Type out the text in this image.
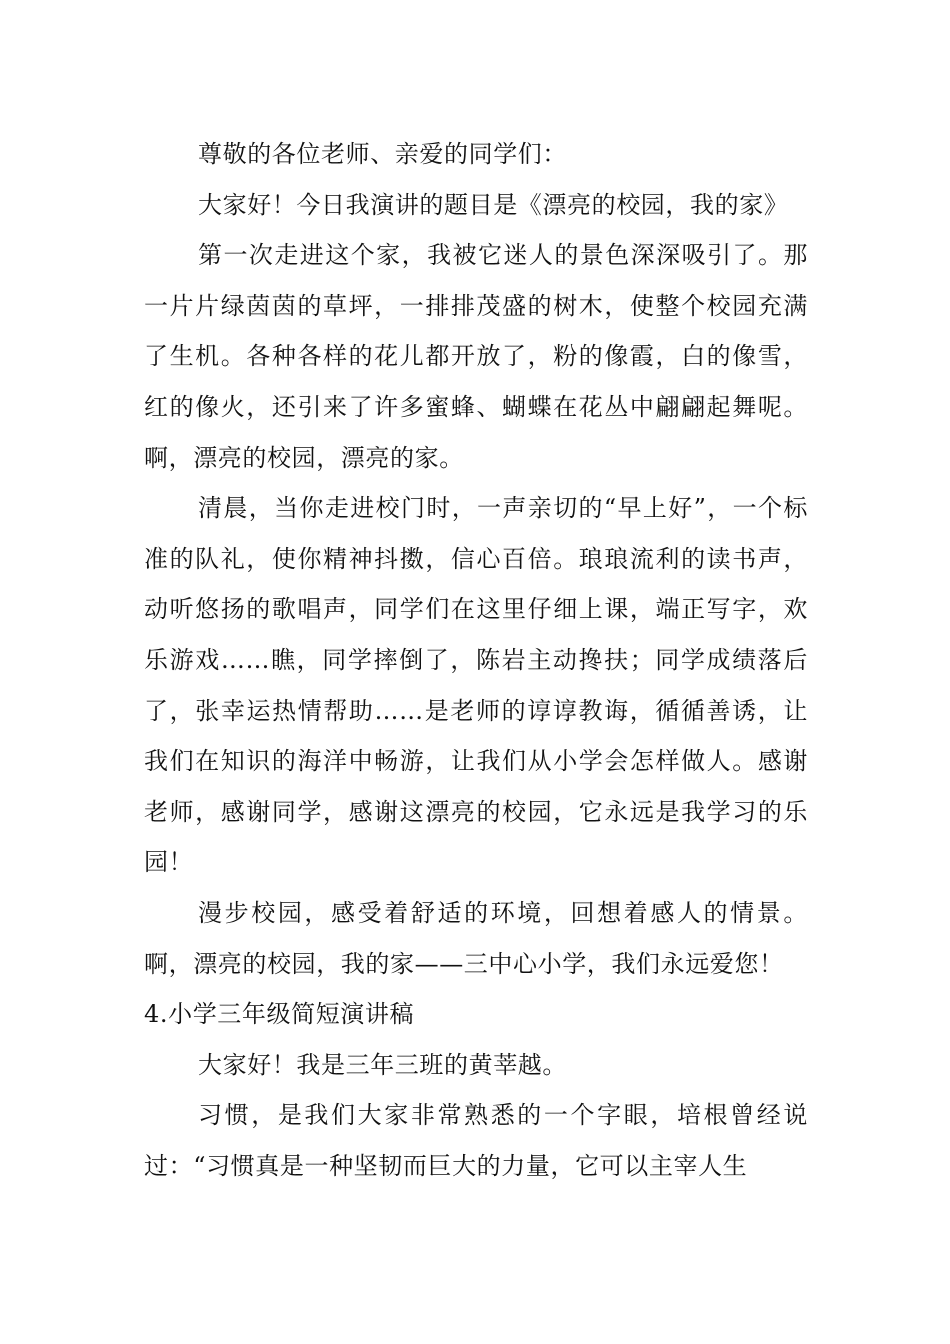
尊敬的各位老师、亲爱的同学们：

大家好！今日我演讲的题目是《漂亮的校园，我的家》

第一次走进这个家，我被它迷人的景色深深吸引了。那一片片绿茵茵的草坪，一排排茂盛的树木，使整个校园充满了生机。各种各样的花儿都开放了，粉的像霞，白的像雪，红的像火，还引来了许多蜜蜂、蝴蝶在花丛中翩翩起舞呢。啊，漂亮的校园，漂亮的家。

清晨，当你走进校门时，一声亲切的“早上好”，一个标准的队礼，使你精神抖擞，信心百倍。琅琅流利的读书声，动听悠扬的歌唱声，同学们在这里仔细上课，端正写字，欢乐游戏……瞧，同学摔倒了，陈岩主动搀扶；同学成绩落后了，张幸运热情帮助……是老师的谆谆教诲，循循善诱，让我们在知识的海洋中畅游，让我们从小学会怎样做人。感谢老师，感谢同学，感谢这漂亮的校园，它永远是我学习的乐园！

漫步校园，感受着舒适的环境，回想着感人的情景。啊，漂亮的校园，我的家——三中心小学，我们永远爱您！

4.小学三年级简短演讲稿

大家好！我是三年三班的黄莘越。

习惯，是我们大家非常熟悉的一个字眼，培根曾经说过：“习惯真是一种坚韧而巨大的力量，它可以主宰人生
